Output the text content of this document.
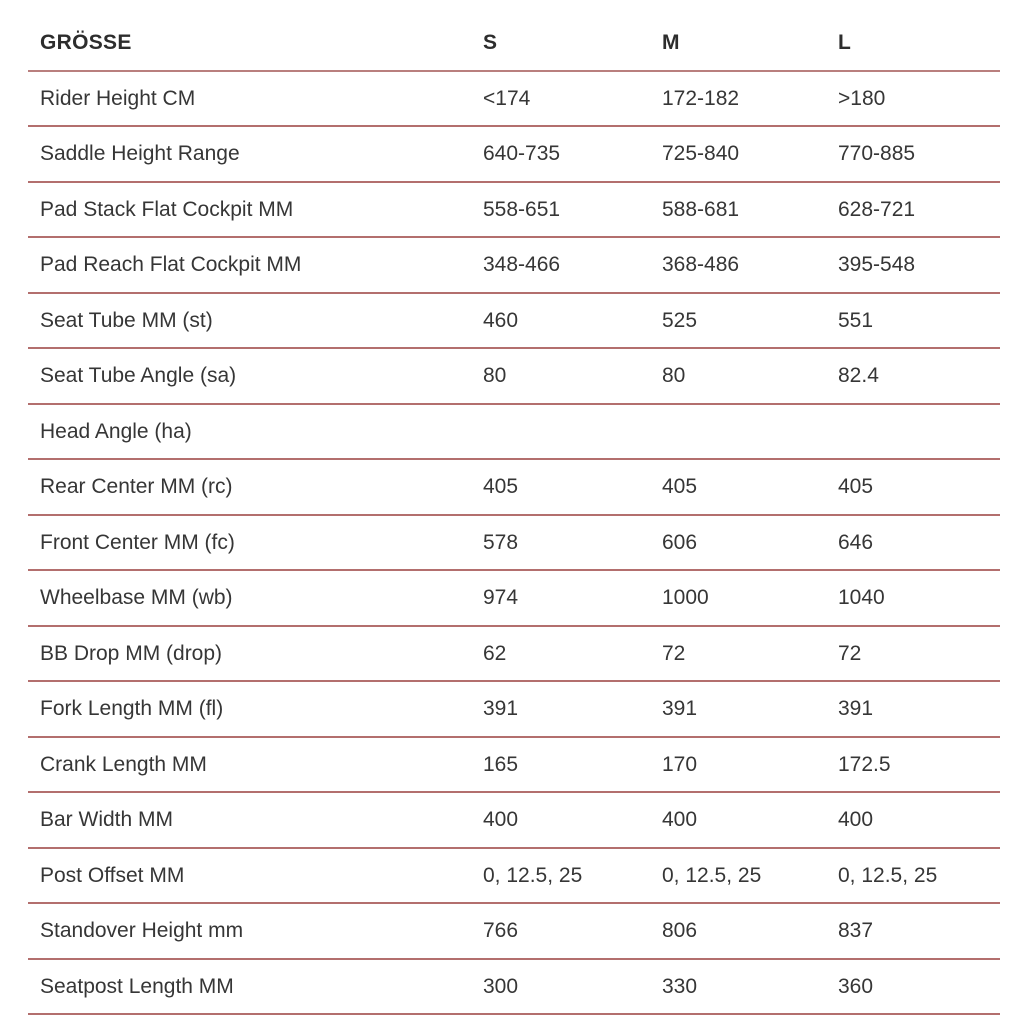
GRÖSSE	S	M	L
Rider Height CM	<174	172-182	>180
Saddle Height Range	640-735	725-840	770-885
Pad Stack Flat Cockpit MM	558-651	588-681	628-721
Pad Reach Flat Cockpit MM	348-466	368-486	395-548
Seat Tube MM (st)	460	525	551
Seat Tube Angle (sa)	80	80	82.4
Head Angle (ha)
Rear Center MM (rc)	405	405	405
Front Center MM (fc)	578	606	646
Wheelbase MM (wb)	974	1000	1040
BB Drop MM (drop)	62	72	72
Fork Length MM (fl)	391	391	391
Crank Length MM	165	170	172.5
Bar Width MM	400	400	400
Post Offset MM	0, 12.5, 25	0, 12.5, 25	0, 12.5, 25
Standover Height mm	766	806	837
Seatpost Length MM	300	330	360
